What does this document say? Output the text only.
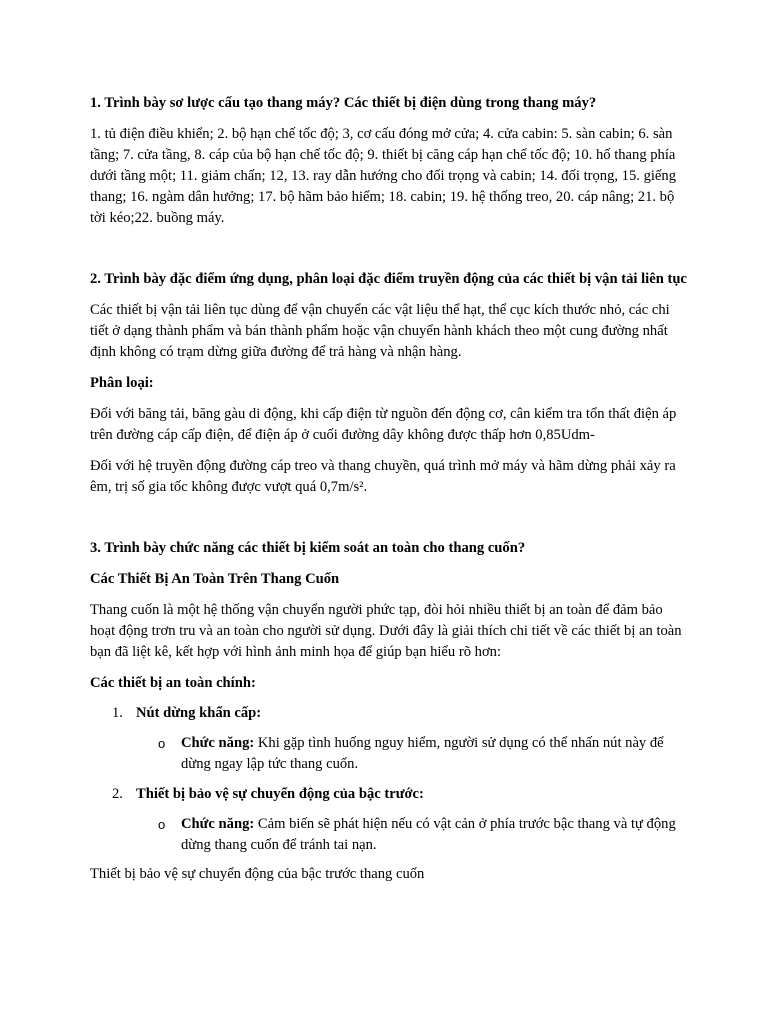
1. Trình bày sơ lược cấu tạo thang máy? Các thiết bị điện dùng trong thang máy?

1. tủ điện điều khiển; 2. bộ hạn chế tốc độ; 3, cơ cấu đóng mở cửa; 4. cửa cabin: 5. sàn cabin; 6. sàn tầng; 7. cửa tầng, 8. cáp của bộ hạn chế tốc độ; 9. thiết bị căng cáp hạn chế tốc độ; 10. hố thang phía dưới tầng một; 11. giảm chấn; 12, 13. ray dẫn hướng cho đối trọng và cabin; 14. đối trọng, 15. giếng thang; 16. ngàm dân hưởng; 17. bộ hãm bảo hiểm; 18. cabin; 19. hệ thống treo, 20. cáp nâng; 21. bộ tời kéo;22. buồng máy.

2. Trình bày đặc điểm ứng dụng, phân loại đặc điểm truyền động của các thiết bị vận tải liên tục

Các thiết bị vận tải liên tục dùng để vận chuyển các vật liệu thể hạt, thể cục kích thước nhỏ, các chi tiết ở dạng thành phẩm và bán thành phẩm hoặc vận chuyển hành khách theo một cung đường nhất định không có trạm dừng giữa đường để trả hàng và nhận hàng.

Phân loại:

Đối với băng tải, băng gàu di động, khi cấp điện từ nguồn đến động cơ, cân kiểm tra tổn thất điện áp trên đường cáp cấp điện, để điện áp ở cuối đường dây không được thấp hơn 0,85Udm-

Đối với hệ truyền động đường cáp treo và thang chuyền, quá trình mở máy và hãm dừng phải xảy ra êm, trị số gia tốc không được vượt quá 0,7m/s².

3. Trình bày chức năng các thiết bị kiểm soát an toàn cho thang cuốn?

Các Thiết Bị An Toàn Trên Thang Cuốn

Thang cuốn là một hệ thống vận chuyển người phức tạp, đòi hỏi nhiều thiết bị an toàn để đảm bảo hoạt động trơn tru và an toàn cho người sử dụng. Dưới đây là giải thích chi tiết về các thiết bị an toàn bạn đã liệt kê, kết hợp với hình ảnh minh họa để giúp bạn hiểu rõ hơn:

Các thiết bị an toàn chính:

1. Nút dừng khẩn cấp:
o Chức năng: Khi gặp tình huống nguy hiểm, người sử dụng có thể nhấn nút này để dừng ngay lập tức thang cuốn.
2. Thiết bị bảo vệ sự chuyển động của bậc trước:
o Chức năng: Cảm biến sẽ phát hiện nếu có vật cản ở phía trước bậc thang và tự động dừng thang cuốn để tránh tai nạn.

Thiết bị bảo vệ sự chuyển động của bậc trước thang cuốn
